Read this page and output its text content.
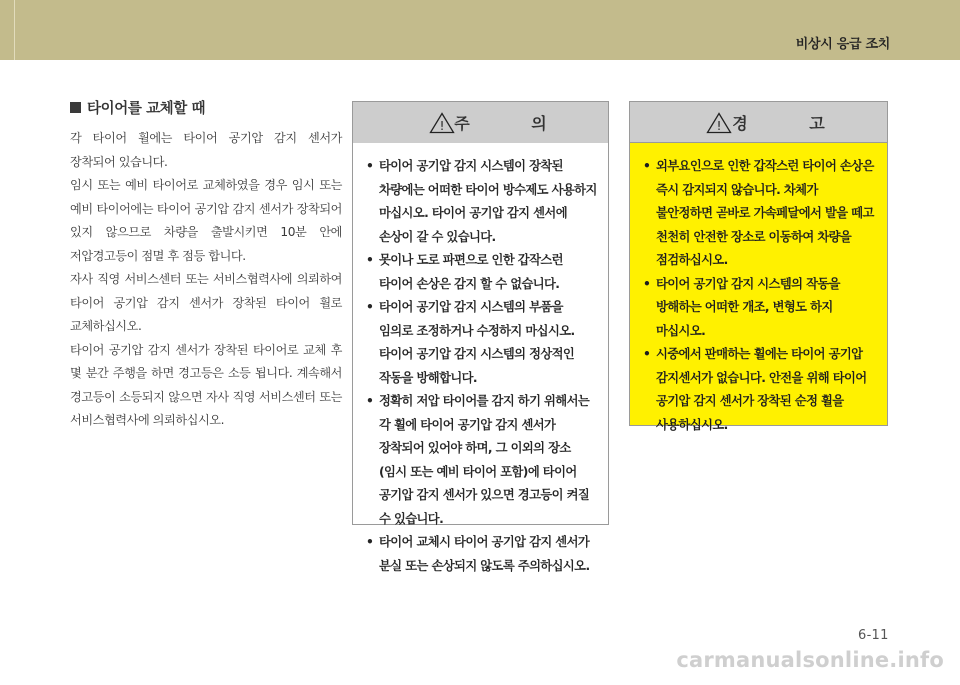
비상시 응급 조치
타이어를 교체할 때

각 타이어 휠에는 타이어 공기압 감지 센서가 장착되어 있습니다.

임시 또는 예비 타이어로 교체하였을 경우 임시 또는 예비 타이어에는 타이어 공기압 감지 센서가 장착되어 있지 않으므로 차량을 출발시키면 10분 안에 저압경고등이 점멸 후 점등 합니다.

자사 직영 서비스센터 또는 서비스협력사에 의뢰하여 타이어 공기압 감지 센서가 장착된 타이어 휠로 교체하십시오.

타이어 공기압 감지 센서가 장착된 타이어로 교체 후 몇 분간 주행을 하면 경고등은 소등 됩니다. 계속해서 경고등이 소등되지 않으면 자사 직영 서비스센터 또는 서비스협력사에 의뢰하십시오.

! 주 의
• 타이어 공기압 감지 시스템이 장착된 차량에는 어떠한 타이어 방수제도 사용하지 마십시오. 타이어 공기압 감지 센서에 손상이 갈 수 있습니다.
• 못이나 도로 파편으로 인한 갑작스런 타이어 손상은 감지 할 수 없습니다.
• 타이어 공기압 감지 시스템의 부품을 임의로 조정하거나 수정하지 마십시오. 타이어 공기압 감지 시스템의 정상적인 작동을 방해합니다.
• 정확히 저압 타이어를 감지 하기 위해서는 각 휠에 타이어 공기압 감지 센서가 장착되어 있어야 하며, 그 이외의 장소(임시 또는 예비 타이어 포함)에 타이어 공기압 감지 센서가 있으면 경고등이 켜질 수 있습니다.
• 타이어 교체시 타이어 공기압 감지 센서가 분실 또는 손상되지 않도록 주의하십시오.
! 경 고
• 외부요인으로 인한 갑작스런 타이어 손상은 즉시 감지되지 않습니다. 차체가 불안정하면 곧바로 가속페달에서 발을 떼고 천천히 안전한 장소로 이동하여 차량을 점검하십시오.
• 타이어 공기압 감지 시스템의 작동을 방해하는 어떠한 개조, 변형도 하지 마십시오.
• 시중에서 판매하는 휠에는 타이어 공기압 감지센서가 없습니다. 안전을 위해 타이어 공기압 감지 센서가 장착된 순정 휠을 사용하십시오.
6-11
carmanualsonline.info
